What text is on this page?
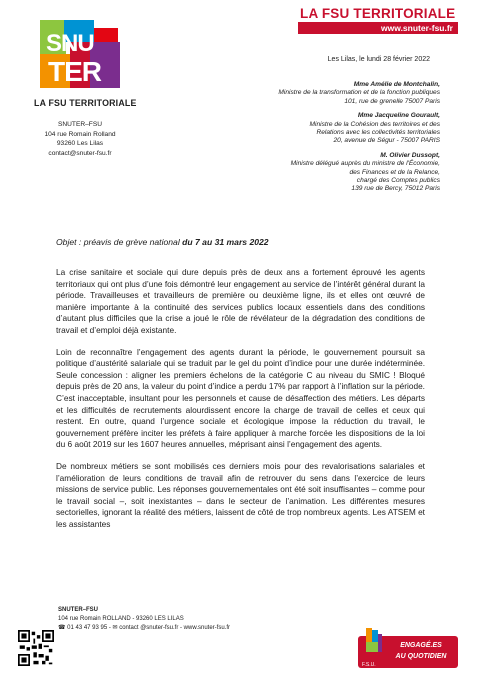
LA FSU TERRITORIALE
www.snuter-fsu.fr
SNU
TER
LA FSU TERRITORIALE
SNUTER–FSU
104 rue Romain Rolland
93260 Les Lilas
contact@snuter-fsu.fr
Les Lilas, le lundi 28 février 2022
Mme Amélie de Montchalin,
Ministre de la transformation et de la fonction publiques
101, rue de grenelle 75007 Paris
Mme Jacqueline Gourault,
Ministre de la Cohésion des territoires et des
Relations avec les collectivités territoriales
20, avenue de Ségur - 75007 PARIS
M. Olivier Dussopt,
Ministre délégué auprès du ministre de l'Économie,
des Finances et de la Relance,
chargé des Comptes publics
139 rue de Bercy, 75012 Paris
Objet : préavis de grève national du 7 au 31 mars 2022

La crise sanitaire et sociale qui dure depuis près de deux ans a fortement éprouvé les agents territoriaux qui ont plus d’une fois démontré leur engagement au service de l’intérêt général durant la période. Travailleuses et travailleurs de première ou deuxième ligne, ils et elles ont œuvré de manière importante à la continuité des services publics locaux essentiels dans des conditions d’autant plus difficiles que la crise a joué le rôle de révélateur de la dégradation des conditions de travail et d’emploi déjà existante.

Loin de reconnaître l’engagement des agents durant la période, le gouvernement poursuit sa politique d’austérité salariale qui se traduit par le gel du point d’indice pour une durée indéterminée. Seule concession : aligner les premiers échelons de la catégorie C au niveau du SMIC ! Bloqué depuis près de 20 ans, la valeur du point d’indice a perdu 17% par rapport à l’inflation sur la période. C’est inacceptable, insultant pour les personnels et cause de désaffection des métiers. Les départs et les difficultés de recrutements alourdissent encore la charge de travail de celles et ceux qui restent. En outre, quand l’urgence sociale et écologique impose la réduction du travail, le gouvernement préfère inciter les préfets à faire appliquer à marche forcée les dispositions de la loi du 6 août 2019 sur les 1607 heures annuelles, méprisant ainsi l’engagement des agents.

De nombreux métiers se sont mobilisés ces derniers mois pour des revalorisations salariales et l’amélioration de leurs conditions de travail afin de retrouver du sens dans l’exercice de leurs missions de service public. Les réponses gouvernementales ont été soit insuffisantes – comme pour le travail social –, soit inexistantes – dans le secteur de l’animation. Les différentes mesures sectorielles, ignorant la réalité des métiers, laissent de côté de trop nombreux agents. Les ATSEM et les assistantes

SNUTER–FSU
104 rue Romain ROLLAND - 93260 LES LILAS
☎ 01 43 47 93 95 - ✉ contact @snuter-fsu.fr - www.snuter-fsu.fr
F.S.U.
ENGAGÉ.ES
AU QUOTIDIEN
